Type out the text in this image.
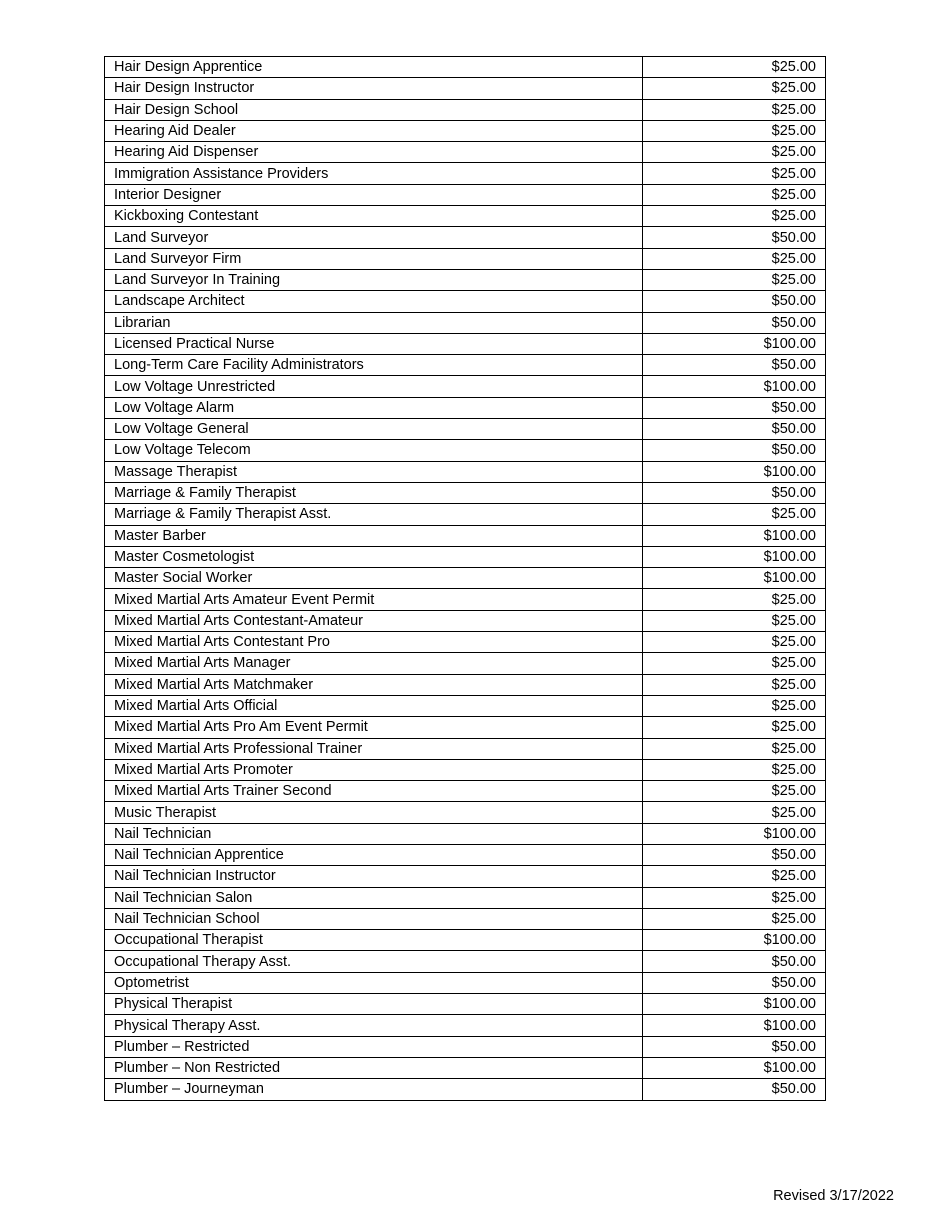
Hair Design Apprentice	$25.00
Hair Design Instructor	$25.00
Hair Design School	$25.00
Hearing Aid Dealer	$25.00
Hearing Aid Dispenser	$25.00
Immigration Assistance Providers	$25.00
Interior Designer	$25.00
Kickboxing Contestant	$25.00
Land Surveyor	$50.00
Land Surveyor Firm	$25.00
Land Surveyor In Training	$25.00
Landscape Architect	$50.00
Librarian	$50.00
Licensed Practical Nurse	$100.00
Long-Term Care Facility Administrators	$50.00
Low Voltage Unrestricted	$100.00
Low Voltage Alarm	$50.00
Low Voltage General	$50.00
Low Voltage Telecom	$50.00
Massage Therapist	$100.00
Marriage & Family Therapist	$50.00
Marriage & Family Therapist Asst.	$25.00
Master Barber	$100.00
Master Cosmetologist	$100.00
Master Social Worker	$100.00
Mixed Martial Arts Amateur Event Permit	$25.00
Mixed Martial Arts Contestant-Amateur	$25.00
Mixed Martial Arts Contestant Pro	$25.00
Mixed Martial Arts Manager	$25.00
Mixed Martial Arts Matchmaker	$25.00
Mixed Martial Arts Official	$25.00
Mixed Martial Arts Pro Am Event Permit	$25.00
Mixed Martial Arts Professional Trainer	$25.00
Mixed Martial Arts Promoter	$25.00
Mixed Martial Arts Trainer Second	$25.00
Music Therapist	$25.00
Nail Technician	$100.00
Nail Technician Apprentice	$50.00
Nail Technician Instructor	$25.00
Nail Technician Salon	$25.00
Nail Technician School	$25.00
Occupational Therapist	$100.00
Occupational Therapy Asst.	$50.00
Optometrist	$50.00
Physical Therapist	$100.00
Physical Therapy Asst.	$100.00
Plumber – Restricted	$50.00
Plumber – Non Restricted	$100.00
Plumber – Journeyman	$50.00
Revised 3/17/2022
